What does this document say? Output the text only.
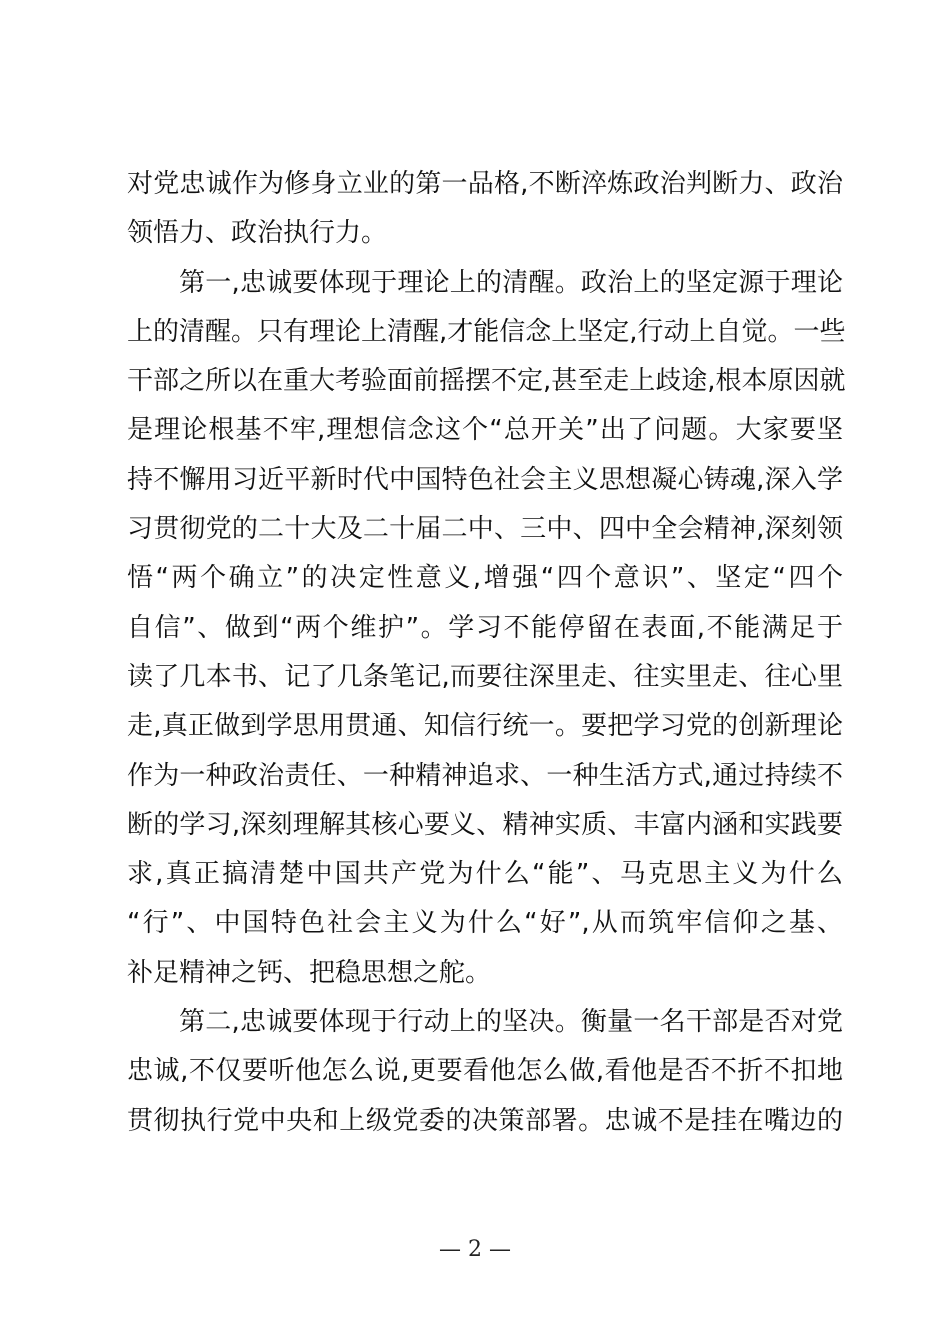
对党忠诚作为修身立业的第一品格,不断淬炼政治判断力、政治
领悟力、政治执行力。
第一,忠诚要体现于理论上的清醒。政治上的坚定源于理论
上的清醒。只有理论上清醒,才能信念上坚定,行动上自觉。一些
干部之所以在重大考验面前摇摆不定,甚至走上歧途,根本原因就
是理论根基不牢,理想信念这个“总开关”出了问题。大家要坚
持不懈用习近平新时代中国特色社会主义思想凝心铸魂,深入学
习贯彻党的二十大及二十届二中、三中、四中全会精神,深刻领
悟“两个确立”的决定性意义,增强“四个意识”、坚定“四个
自信”、做到“两个维护”。学习不能停留在表面,不能满足于
读了几本书、记了几条笔记,而要往深里走、往实里走、往心里
走,真正做到学思用贯通、知信行统一。要把学习党的创新理论
作为一种政治责任、一种精神追求、一种生活方式,通过持续不
断的学习,深刻理解其核心要义、精神实质、丰富内涵和实践要
求,真正搞清楚中国共产党为什么“能”、马克思主义为什么
“行”、中国特色社会主义为什么“好”,从而筑牢信仰之基、
补足精神之钙、把稳思想之舵。
第二,忠诚要体现于行动上的坚决。衡量一名干部是否对党
忠诚,不仅要听他怎么说,更要看他怎么做,看他是否不折不扣地
贯彻执行党中央和上级党委的决策部署。忠诚不是挂在嘴边的
— 2 —
